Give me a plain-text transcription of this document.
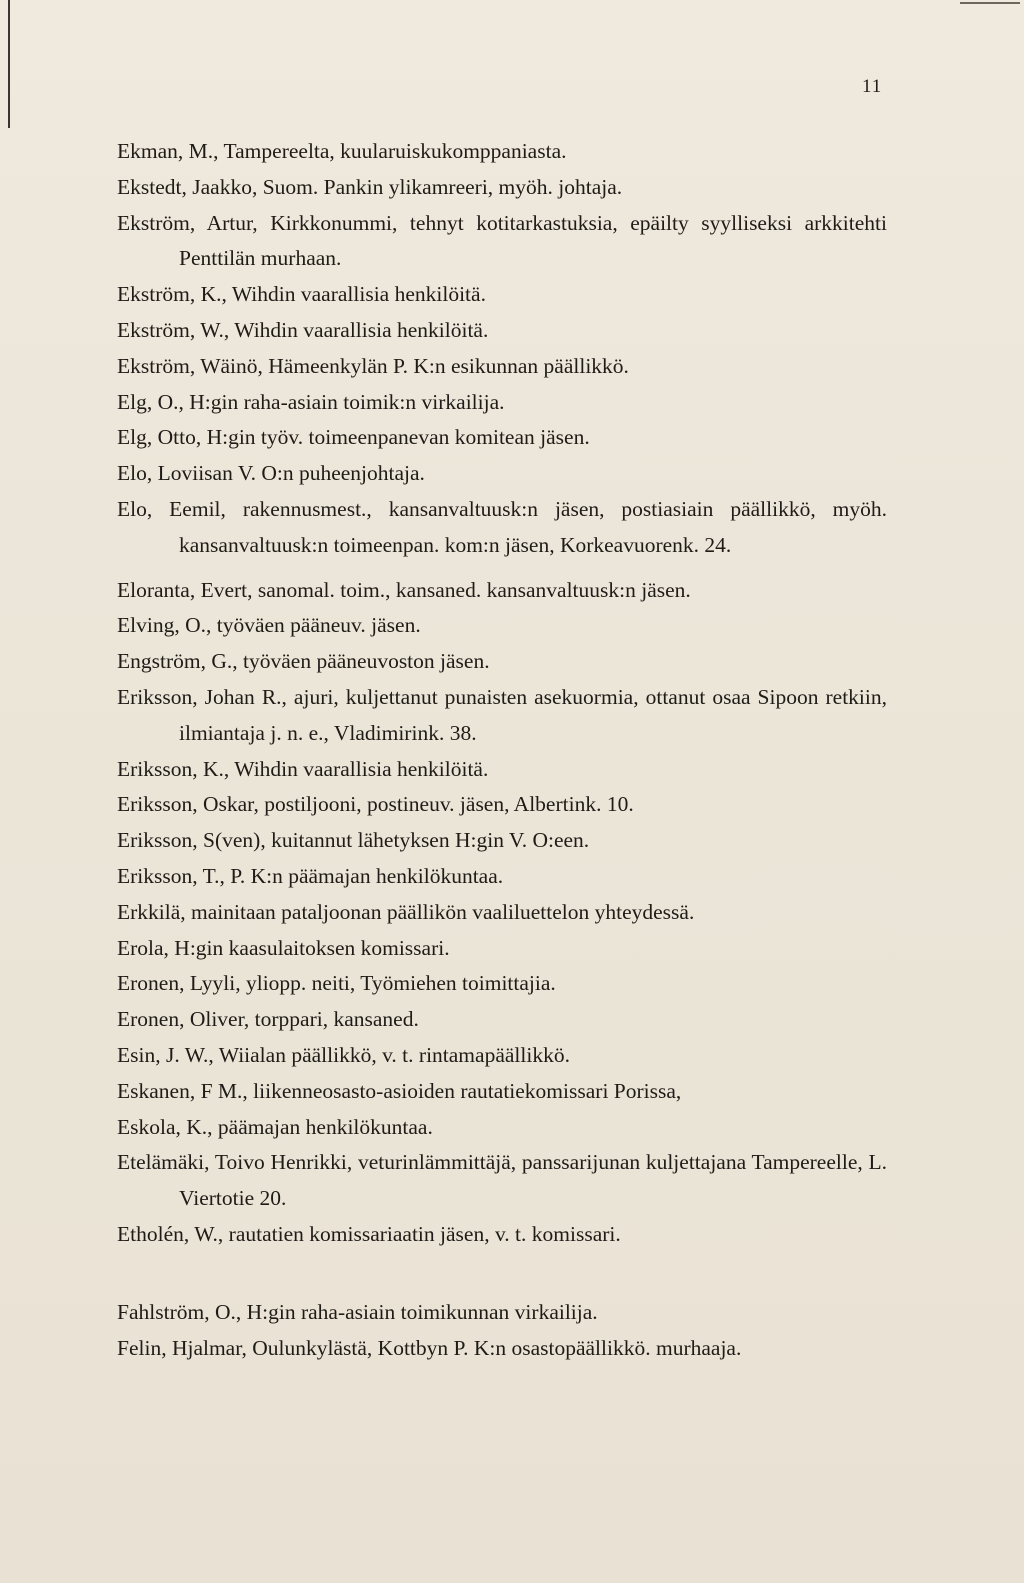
11

Ekman, M., Tampereelta, kuularuiskukomppaniasta.

Ekstedt, Jaakko, Suom. Pankin ylikamreeri, myöh. johtaja.

Ekström, Artur, Kirkkonummi, tehnyt kotitarkastuksia, epäilty syylliseksi arkkitehti Penttilän murhaan.

Ekström, K., Wihdin vaarallisia henkilöitä.

Ekström, W., Wihdin vaarallisia henkilöitä.

Ekström, Wäinö, Hämeenkylän P. K:n esikunnan päällikkö.

Elg, O., H:gin raha-asiain toimik:n virkailija.

Elg, Otto, H:gin työv. toimeenpanevan komitean jäsen.

Elo, Loviisan V. O:n puheenjohtaja.

Elo, Eemil, rakennusmest., kansanvaltuusk:n jäsen, postiasiain päällikkö, myöh. kansanvaltuusk:n toimeenpan. kom:n jäsen, Korkeavuorenk. 24.

Eloranta, Evert, sanomal. toim., kansaned. kansanvaltuusk:n jäsen.

Elving, O., työväen pääneuv. jäsen.

Engström, G., työväen pääneuvoston jäsen.

Eriksson, Johan R., ajuri, kuljettanut punaisten asekuormia, ottanut osaa Sipoon retkiin, ilmiantaja j. n. e., Vladimirink. 38.

Eriksson, K., Wihdin vaarallisia henkilöitä.

Eriksson, Oskar, postiljooni, postineuv. jäsen, Albertink. 10.

Eriksson, S(ven), kuitannut lähetyksen H:gin V. O:een.

Eriksson, T., P. K:n päämajan henkilökuntaa.

Erkkilä, mainitaan pataljoonan päällikön vaaliluettelon yhteydessä.

Erola, H:gin kaasulaitoksen komissari.

Eronen, Lyyli, yliopp. neiti, Työmiehen toimittajia.

Eronen, Oliver, torppari, kansaned.

Esin, J. W., Wiialan päällikkö, v. t. rintamapäällikkö.

Eskanen, F M., liikenneosasto-asioiden rautatiekomissari Porissa,

Eskola, K., päämajan henkilökuntaa.

Etelämäki, Toivo Henrikki, veturinlämmittäjä, panssarijunan kuljettajana Tampereelle, L. Viertotie 20.

Etholén, W., rautatien komissariaatin jäsen, v. t. komissari.

Fahlström, O., H:gin raha-asiain toimikunnan virkailija.

Felin, Hjalmar, Oulunkylästä, Kottbyn P. K:n osastopäällikkö. murhaaja.
